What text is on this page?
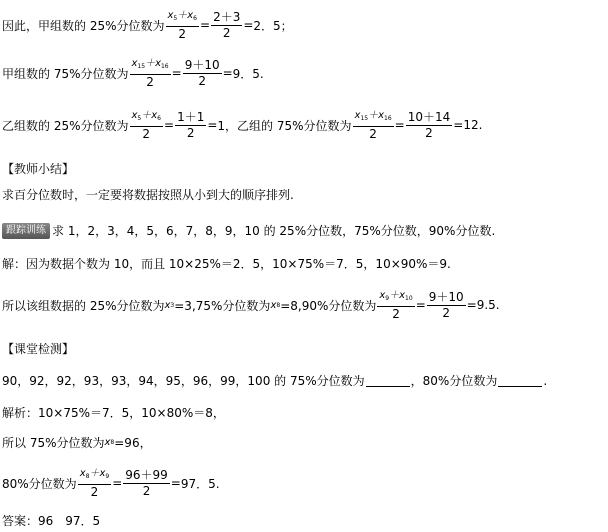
因此，甲组数的 25%分位数为 $\frac{x_5+x_6}{2} = \frac{2+3}{2} = 2$．5；
甲组数的 75%分位数为 $\frac{x_{15}+x_{16}}{2} = \frac{9+10}{2} = 9$．5.
乙组数的 25%分位数为 $\frac{x_5+x_6}{2} = \frac{1+1}{2} = 1$，乙组的 75%分位数为 $\frac{x_{15}+x_{16}}{2} = \frac{10+14}{2} = 12$.
【教师小结】
求百分位数时，一定要将数据按照从小到大的顺序排列.
跟踪训练 求 1，2，3，4，5，6，7，8，9，10 的 25%分位数，75%分位数，90%分位数.
解：因为数据个数为 10，而且 10×25%＝2．5，10×75%＝7．5，10×90%＝9.
所以该组数据的 25%分位数为 x 3 =3,75%分位数为 x 8 =8,90%分位数为 $\frac{x_9+x_{10}}{2} = \frac{9+10}{2} = 9.5$.
【课堂检测】
90，92，92，93，93，94，95，96，99，100 的 75%分位数为	，80%分位数为	.
解析：10×75%＝7．5，10×80%＝8，
所以 75%分位数为 x 8 =96，
80%分位数为 $\frac{x_8+x_9}{2} = \frac{96+99}{2} = 97$．5.
答案：96　97．5
